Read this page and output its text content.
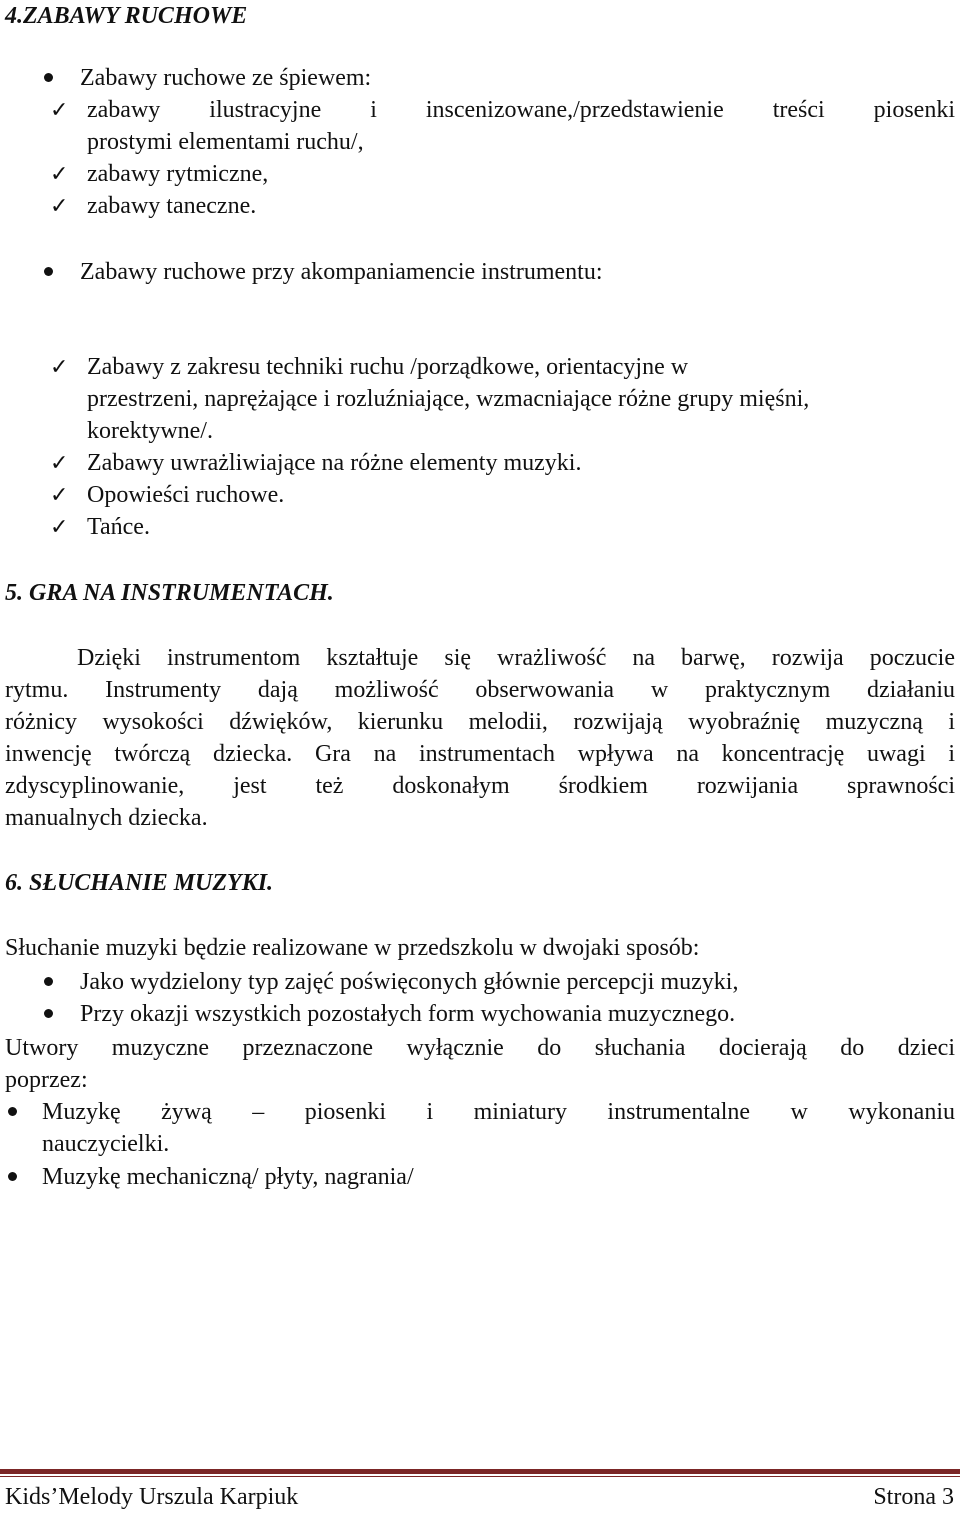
4.ZABAWY RUCHOWE
Zabawy ruchowe ze śpiewem:
✓ zabawy ilustracyjne i inscenizowane,/przedstawienie treści piosenki
prostymi elementami ruchu/,
✓ zabawy rytmiczne,
✓ zabawy taneczne.
Zabawy ruchowe przy akompaniamencie instrumentu:
✓ Zabawy z zakresu techniki ruchu /porządkowe, orientacyjne w
przestrzeni, naprężające i rozluźniające, wzmacniające różne grupy mięśni,
korektywne/.
✓ Zabawy uwrażliwiające na różne elementy muzyki.
✓ Opowieści ruchowe.
✓ Tańce.
5. GRA NA INSTRUMENTACH.
Dzięki instrumentom kształtuje się wrażliwość na barwę, rozwija poczucie
rytmu. Instrumenty dają możliwość obserwowania w praktycznym działaniu
różnicy wysokości dźwięków, kierunku melodii, rozwijają wyobraźnię muzyczną i
inwencję twórczą dziecka. Gra na instrumentach wpływa na koncentrację uwagi i
zdyscyplinowanie, jest też doskonałym środkiem rozwijania sprawności
manualnych dziecka.
6. SŁUCHANIE MUZYKI.
Słuchanie muzyki będzie realizowane w przedszkolu w dwojaki sposób:
Jako wydzielony typ zajęć poświęconych głównie percepcji muzyki,
Przy okazji wszystkich pozostałych form wychowania muzycznego.
Utwory muzyczne przeznaczone wyłącznie do słuchania docierają do dzieci
poprzez:
Muzykę żywą – piosenki i miniatury instrumentalne w wykonaniu
nauczycielki.
Muzykę mechaniczną/ płyty, nagrania/
Kids’Melody Urszula Karpiuk	Strona 3
